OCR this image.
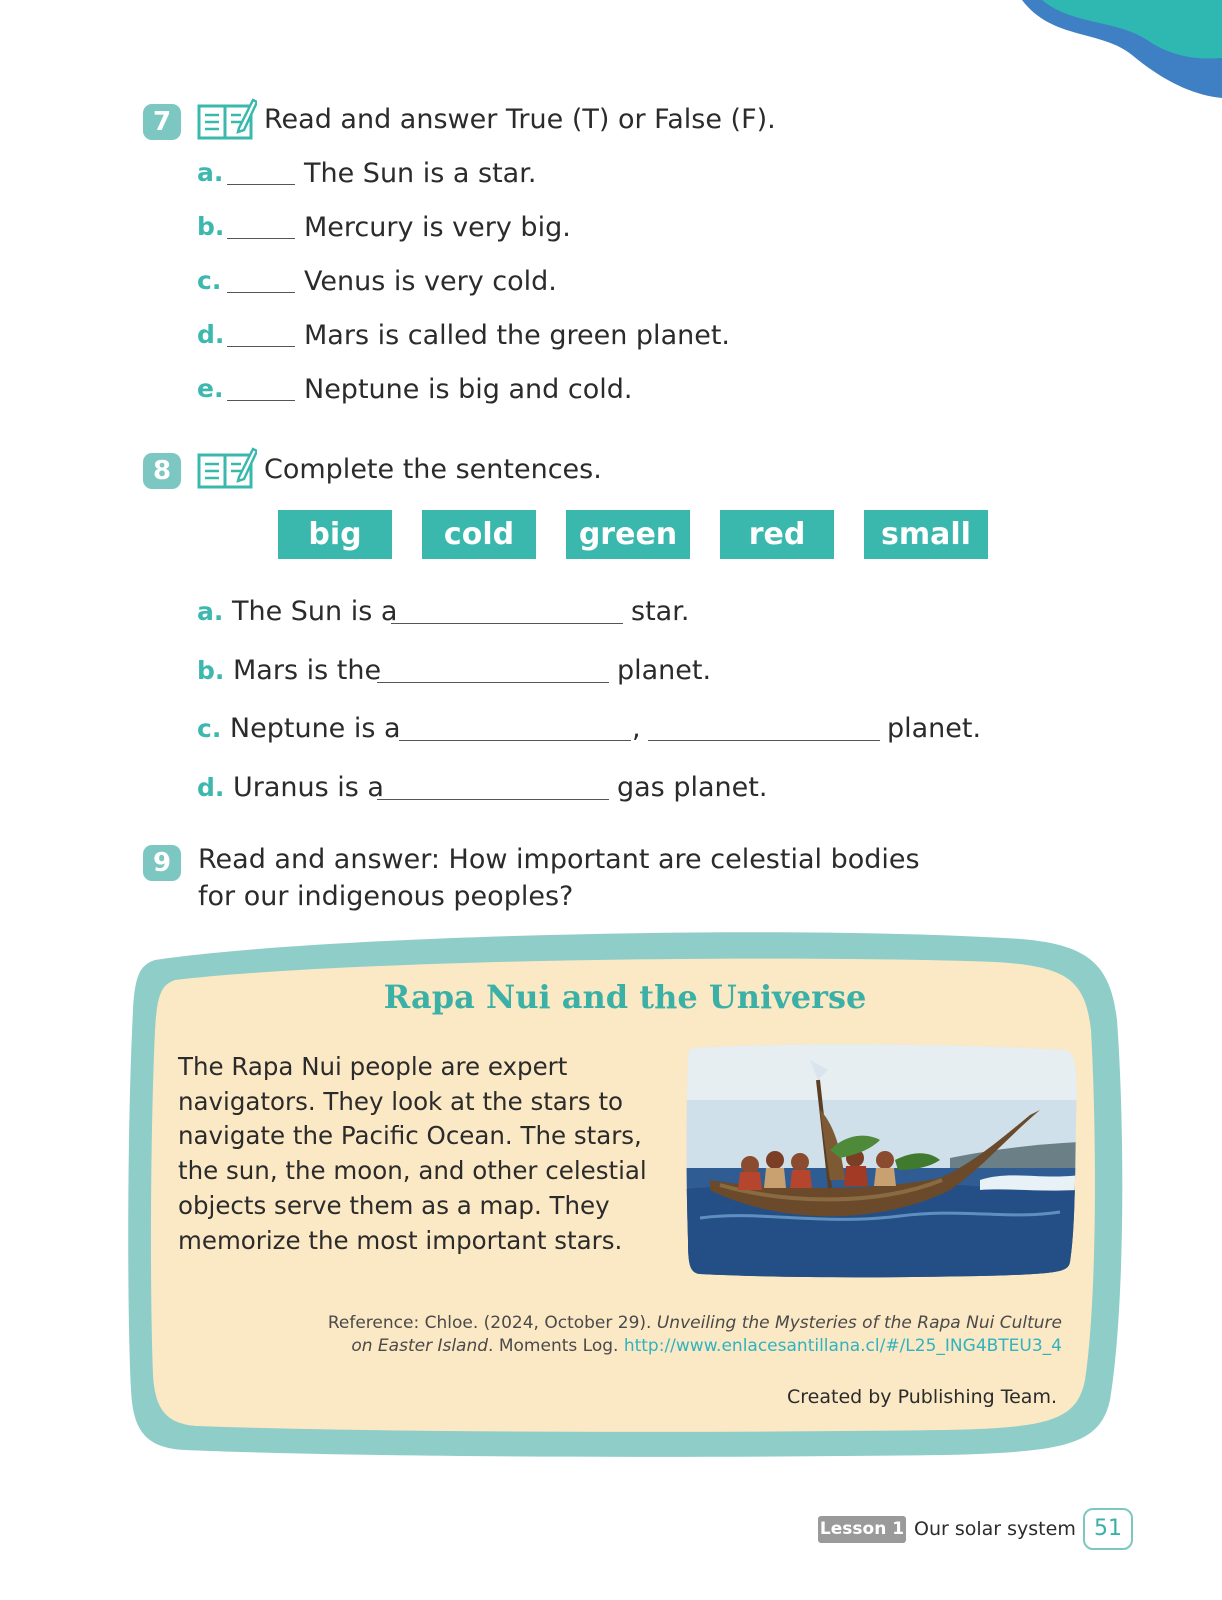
7	Read and answer True (T) or False (F).
a.	The Sun is a star.
b.	Mercury is very big.
c.	Venus is very cold.
d.	Mars is called the green planet.
e.	Neptune is big and cold.
8	Complete the sentences.
big	cold	green	red	small
a. The Sun is a	star.
b. Mars is the	planet.
c. Neptune is a	,	planet.
d. Uranus is a	gas planet.
9 Read and answer: How important are celestial bodies for our indigenous peoples?
Rapa Nui and the Universe
The Rapa Nui people are expert navigators. They look at the stars to navigate the Pacific Ocean. The stars, the sun, the moon, and other celestial objects serve them as a map. They memorize the most important stars.
Reference: Chloe. (2024, October 29). Unveiling the Mysteries of the Rapa Nui Culture on Easter Island. Moments Log. http://www.enlacesantillana.cl/#/L25_ING4BTEU3_4
Created by Publishing Team.
Lesson 1 Our solar system 51
